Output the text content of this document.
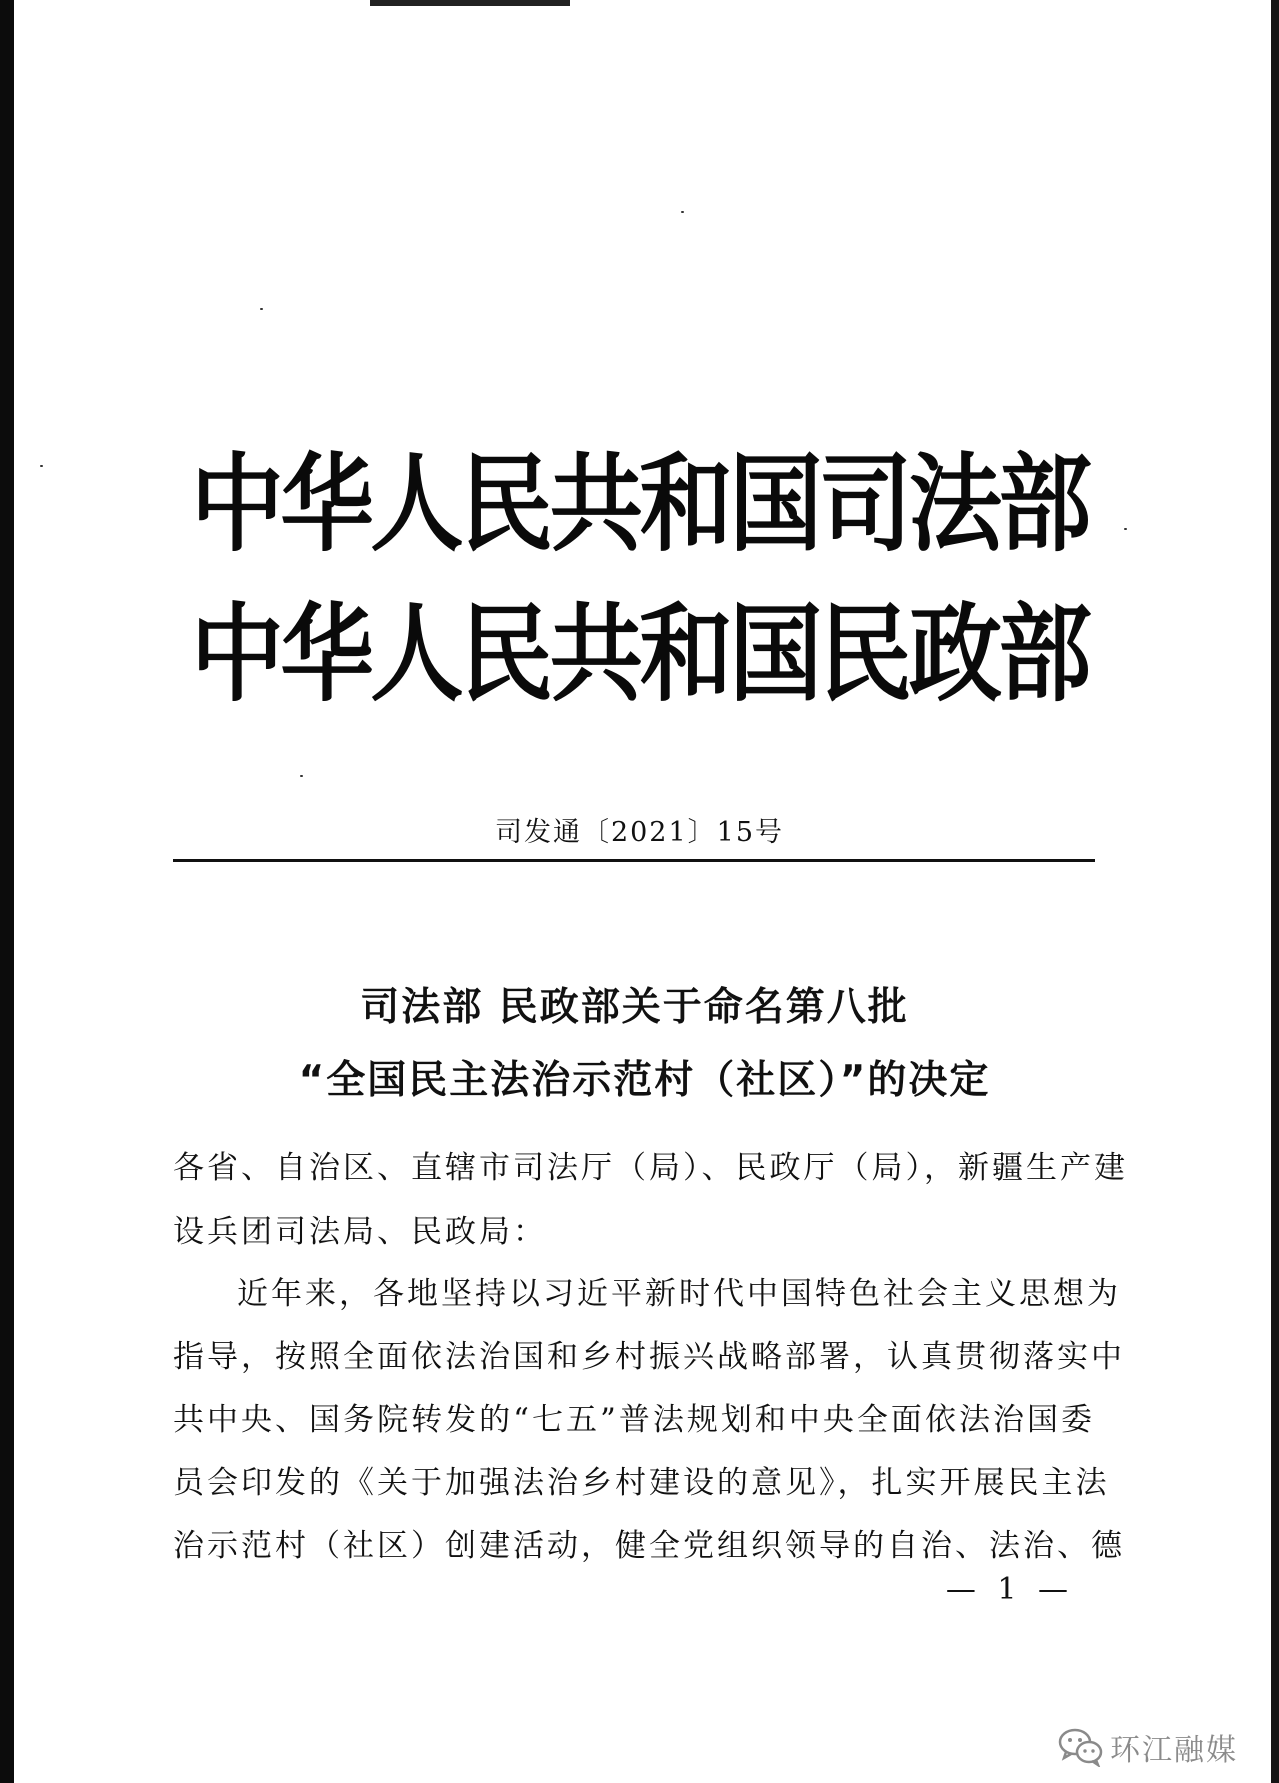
中华人民共和国司法部
中华人民共和国民政部
司发通〔2021〕15号
司法部 民政部关于命名第八批
“全国民主法治示范村（社区）”的决定
各省、自治区、直辖市司法厅（局）、民政厅（局），新疆生产建
设兵团司法局、民政局：
近年来，各地坚持以习近平新时代中国特色社会主义思想为
指导，按照全面依法治国和乡村振兴战略部署，认真贯彻落实中
共中央、国务院转发的“七五”普法规划和中央全面依法治国委
员会印发的《关于加强法治乡村建设的意见》，扎实开展民主法
治示范村（社区）创建活动，健全党组织领导的自治、法治、德
— 1 —
环江融媒
